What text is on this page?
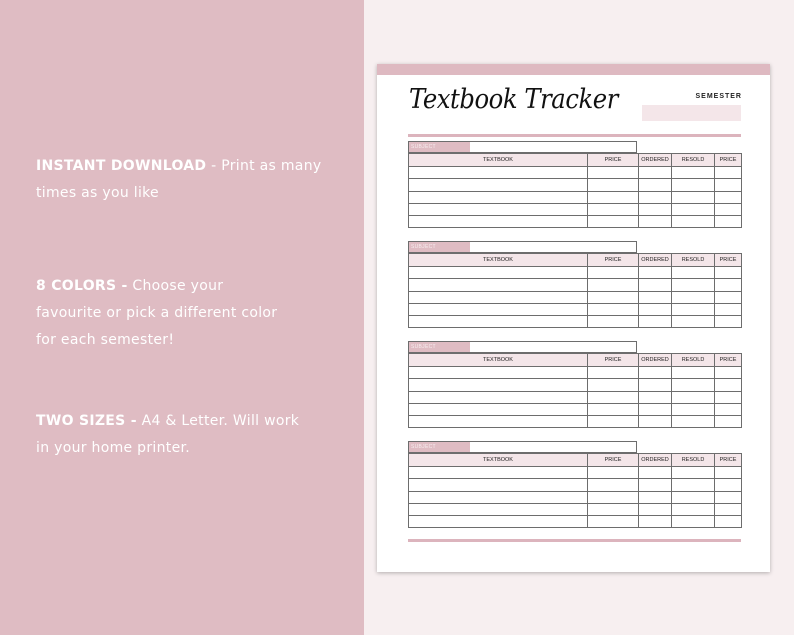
INSTANT DOWNLOAD - Print as many times as you like
8 COLORS - Choose your favourite or pick a different color for each semester!
TWO SIZES - A4 & Letter. Will work in your home printer.
Textbook Tracker	SEMESTER
SUBJECT
TEXTBOOK	PRICE	ORDERED	RESOLD	PRICE

SUBJECT
TEXTBOOK	PRICE	ORDERED	RESOLD	PRICE

SUBJECT
TEXTBOOK	PRICE	ORDERED	RESOLD	PRICE

SUBJECT
TEXTBOOK	PRICE	ORDERED	RESOLD	PRICE
